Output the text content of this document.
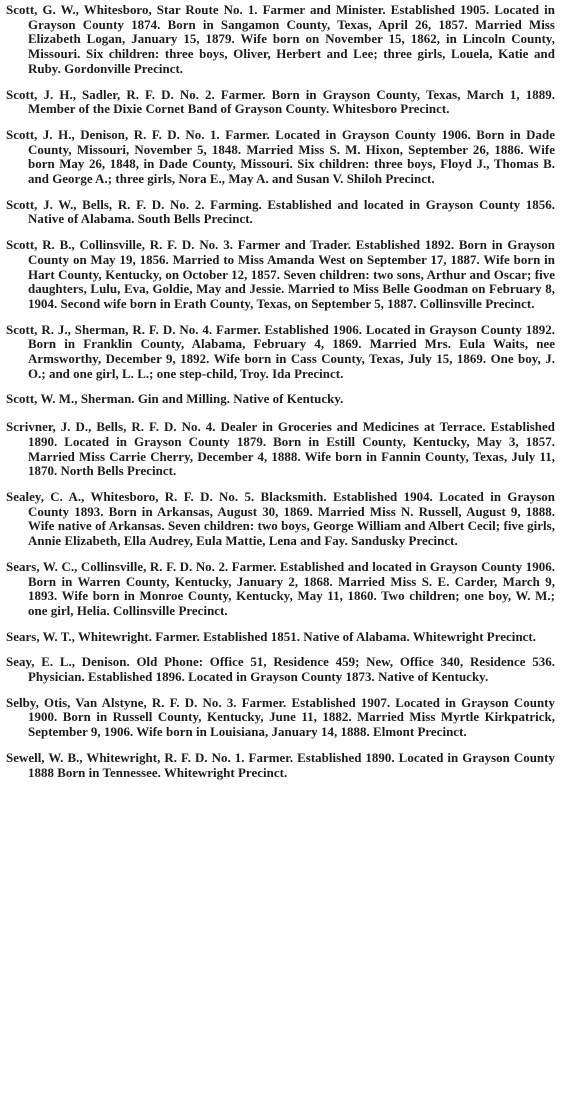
Scott, G. W., Whitesboro, Star Route No. 1. Farmer and Minister. Established 1905. Located in Grayson County 1874. Born in Sangamon County, Texas, April 26, 1857. Married Miss Elizabeth Logan, January 15, 1879. Wife born on November 15, 1862, in Lincoln County, Missouri. Six children: three boys, Oliver, Herbert and Lee; three girls, Louela, Katie and Ruby. Gordonville Precinct.

Scott, J. H., Sadler, R. F. D. No. 2. Farmer. Born in Grayson County, Texas, March 1, 1889. Member of the Dixie Cornet Band of Grayson County. Whitesboro Precinct.

Scott, J. H., Denison, R. F. D. No. 1. Farmer. Located in Grayson County 1906. Born in Dade County, Missouri, November 5, 1848. Married Miss S. M. Hixon, September 26, 1886. Wife born May 26, 1848, in Dade County, Missouri. Six children: three boys, Floyd J., Thomas B. and George A.; three girls, Nora E., May A. and Susan V. Shiloh Precinct.

Scott, J. W., Bells, R. F. D. No. 2. Farming. Established and located in Grayson County 1856. Native of Alabama. South Bells Precinct.

Scott, R. B., Collinsville, R. F. D. No. 3. Farmer and Trader. Established 1892. Born in Grayson County on May 19, 1856. Married to Miss Amanda West on September 17, 1887. Wife born in Hart County, Kentucky, on October 12, 1857. Seven children: two sons, Arthur and Oscar; five daughters, Lulu, Eva, Goldie, May and Jessie. Married to Miss Belle Goodman on February 8, 1904. Second wife born in Erath County, Texas, on September 5, 1887. Collinsville Precinct.

Scott, R. J., Sherman, R. F. D. No. 4. Farmer. Established 1906. Located in Grayson County 1892. Born in Franklin County, Alabama, February 4, 1869. Married Mrs. Eula Waits, nee Armsworthy, December 9, 1892. Wife born in Cass County, Texas, July 15, 1869. One boy, J. O.; and one girl, L. L.; one step-child, Troy. Ida Precinct.

Scott, W. M., Sherman. Gin and Milling. Native of Kentucky.

Scrivner, J. D., Bells, R. F. D. No. 4. Dealer in Groceries and Medicines at Terrace. Established 1890. Located in Grayson County 1879. Born in Estill County, Kentucky, May 3, 1857. Married Miss Carrie Cherry, December 4, 1888. Wife born in Fannin County, Texas, July 11, 1870. North Bells Precinct.

Sealey, C. A., Whitesboro, R. F. D. No. 5. Blacksmith. Established 1904. Located in Grayson County 1893. Born in Arkansas, August 30, 1869. Married Miss N. Russell, August 9, 1888. Wife native of Arkansas. Seven children: two boys, George William and Albert Cecil; five girls, Annie Elizabeth, Ella Audrey, Eula Mattie, Lena and Fay. Sandusky Precinct.

Sears, W. C., Collinsville, R. F. D. No. 2. Farmer. Established and located in Grayson County 1906. Born in Warren County, Kentucky, January 2, 1868. Married Miss S. E. Carder, March 9, 1893. Wife born in Monroe County, Kentucky, May 11, 1860. Two children; one boy, W. M.; one girl, Helia. Collinsville Precinct.

Sears, W. T., Whitewright. Farmer. Established 1851. Native of Alabama. Whitewright Precinct.

Seay, E. L., Denison. Old Phone: Office 51, Residence 459; New, Office 340, Residence 536. Physician. Established 1896. Located in Grayson County 1873. Native of Kentucky.

Selby, Otis, Van Alstyne, R. F. D. No. 3. Farmer. Established 1907. Located in Grayson County 1900. Born in Russell County, Kentucky, June 11, 1882. Married Miss Myrtle Kirkpatrick, September 9, 1906. Wife born in Louisiana, January 14, 1888. Elmont Precinct.

Sewell, W. B., Whitewright, R. F. D. No. 1. Farmer. Established 1890. Located in Grayson County 1888 Born in Tennessee. Whitewright Precinct.
